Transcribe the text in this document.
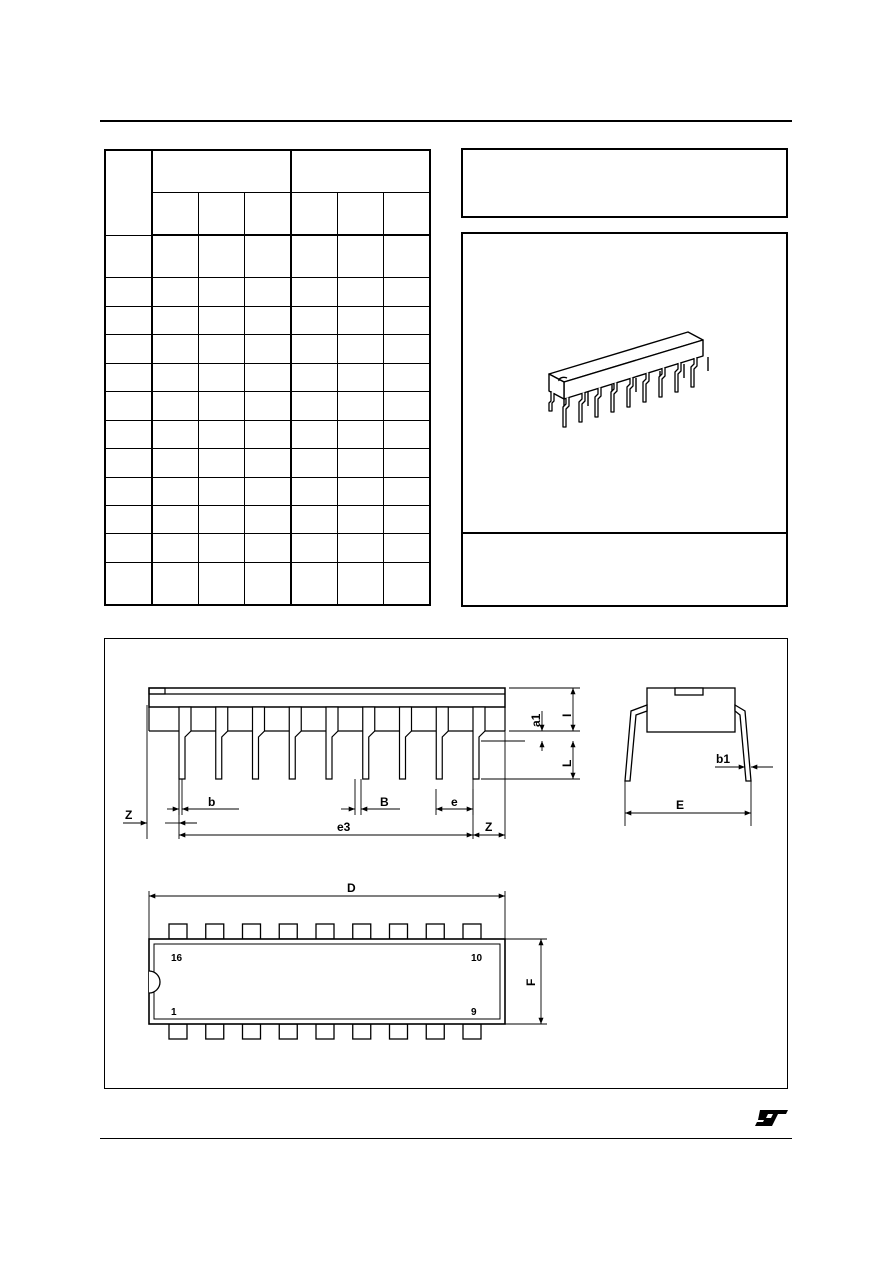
Z
b	B	e
e3	Z
a1 I
L	b1
E
D
F
16	10
1	9
